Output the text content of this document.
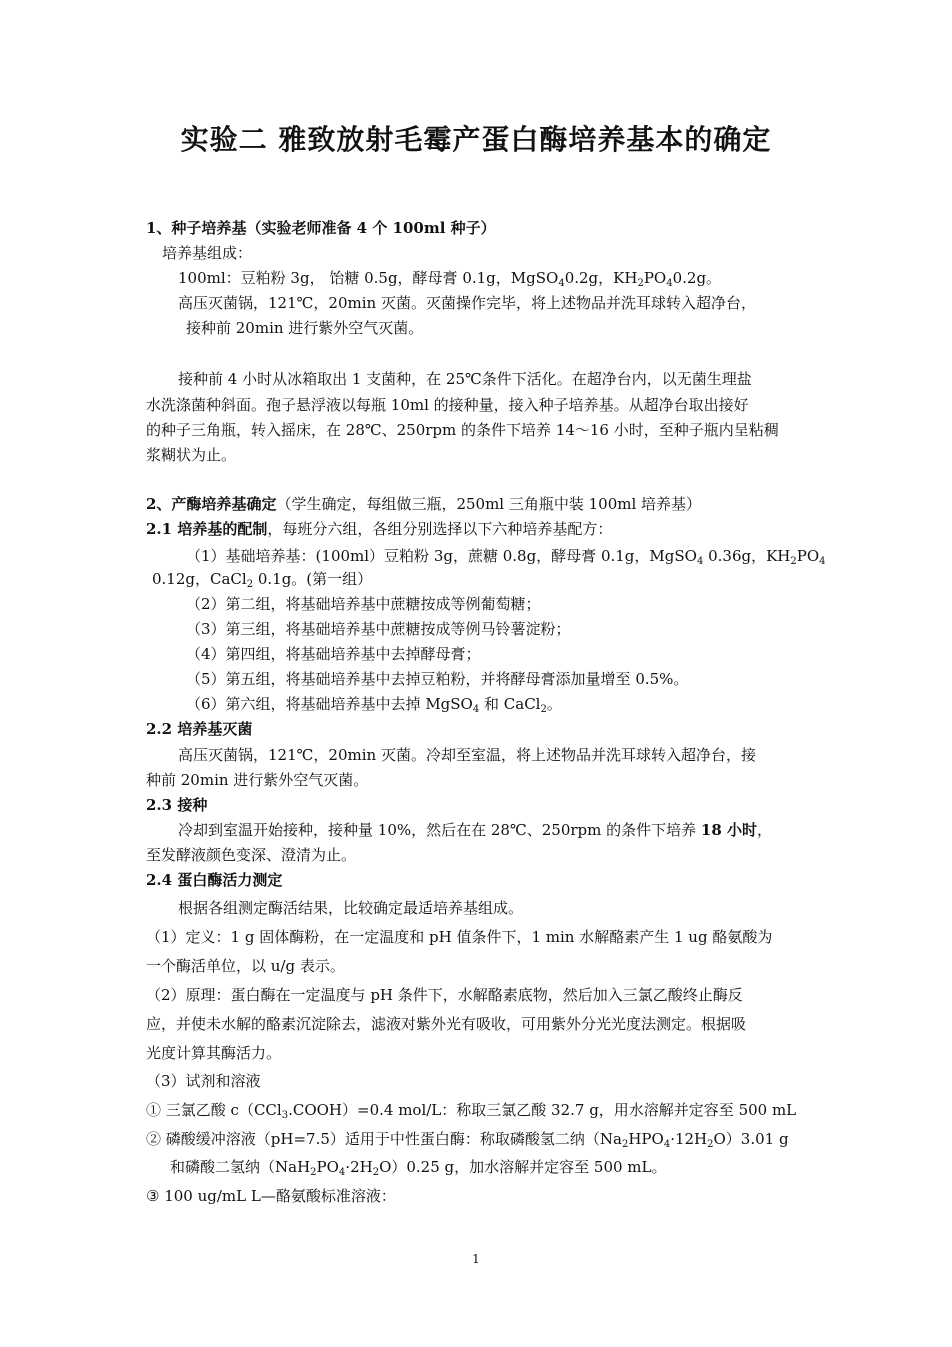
实验二 雅致放射毛霉产蛋白酶培养基本的确定
1、种子培养基（实验老师准备 4 个 100ml 种子）
培养基组成：
100ml：豆粕粉 3g， 饴糖 0.5g，酵母膏 0.1g，MgSO$_4$0.2g，$KH_2PO_40.2g$。
高压灭菌锅，121℃，20min 灭菌。灭菌操作完毕，将上述物品并洗耳球转入超净台，
接种前 20min 进行紫外空气灭菌。
接种前 4 小时从冰箱取出 1 支菌种，在 25℃条件下活化。在超净台内，以无菌生理盐
水洗涤菌种斜面。孢子悬浮液以每瓶 10ml 的接种量，接入种子培养基。从超净台取出接好
的种子三角瓶，转入摇床，在 28℃、250rpm 的条件下培养 14～16 小时，至种子瓶内呈粘稠
浆糊状为止。
2、产酶培养基确定（学生确定，每组做三瓶，250ml 三角瓶中装 100ml 培养基）
2.1 培养基的配制，每班分六组，各组分别选择以下六种培养基配方：
（1）基础培养基：(100ml）豆粕粉 3g，蔗糖 0.8g，酵母膏 0.1g，MgSO$_4$ 0.36g，$KH_2PO_4$
0.12g，CaCl$_2$ 0.1g。(第一组）
（2）第二组，将基础培养基中蔗糖按成等例葡萄糖；
（3）第三组，将基础培养基中蔗糖按成等例马铃薯淀粉；
（4）第四组，将基础培养基中去掉酵母膏；
（5）第五组，将基础培养基中去掉豆粕粉，并将酵母膏添加量增至 0.5%。
（6）第六组，将基础培养基中去掉 MgSO$_4$ 和 CaCl$_2$。
2.2 培养基灭菌
高压灭菌锅，121℃，20min 灭菌。冷却至室温，将上述物品并洗耳球转入超净台，接
种前 20min 进行紫外空气灭菌。
2.3 接种
冷却到室温开始接种，接种量 10%，然后在在 28℃、250rpm 的条件下培养 18 小时，
至发酵液颜色变深、澄清为止。
2.4 蛋白酶活力测定
根据各组测定酶活结果，比较确定最适培养基组成。
（1）定义：1 g 固体酶粉，在一定温度和 pH 值条件下，1 min 水解酪素产生 1 ug 酪氨酸为
一个酶活单位，以 u/g 表示。
（2）原理：蛋白酶在一定温度与 pH 条件下，水解酪素底物，然后加入三氯乙酸终止酶反
应，并使未水解的酪素沉淀除去，滤液对紫外光有吸收，可用紫外分光光度法测定。根据吸
光度计算其酶活力。
（3）试剂和溶液
① 三氯乙酸 c（CCl$_3$.COOH）=0.4 mol/L：称取三氯乙酸 32.7 g，用水溶解并定容至 500 mL
② 磷酸缓冲溶液（pH=7.5）适用于中性蛋白酶：称取磷酸氢二纳$(Na_2HPO_4\cdot 12H_2O)3.01$ g
和磷酸二氢纳$(NaH_2PO_4\cdot 2H_2O)0.25$ g，加水溶解并定容至 500 mL。
③ 100 ug/mL L—酪氨酸标准溶液：
1
